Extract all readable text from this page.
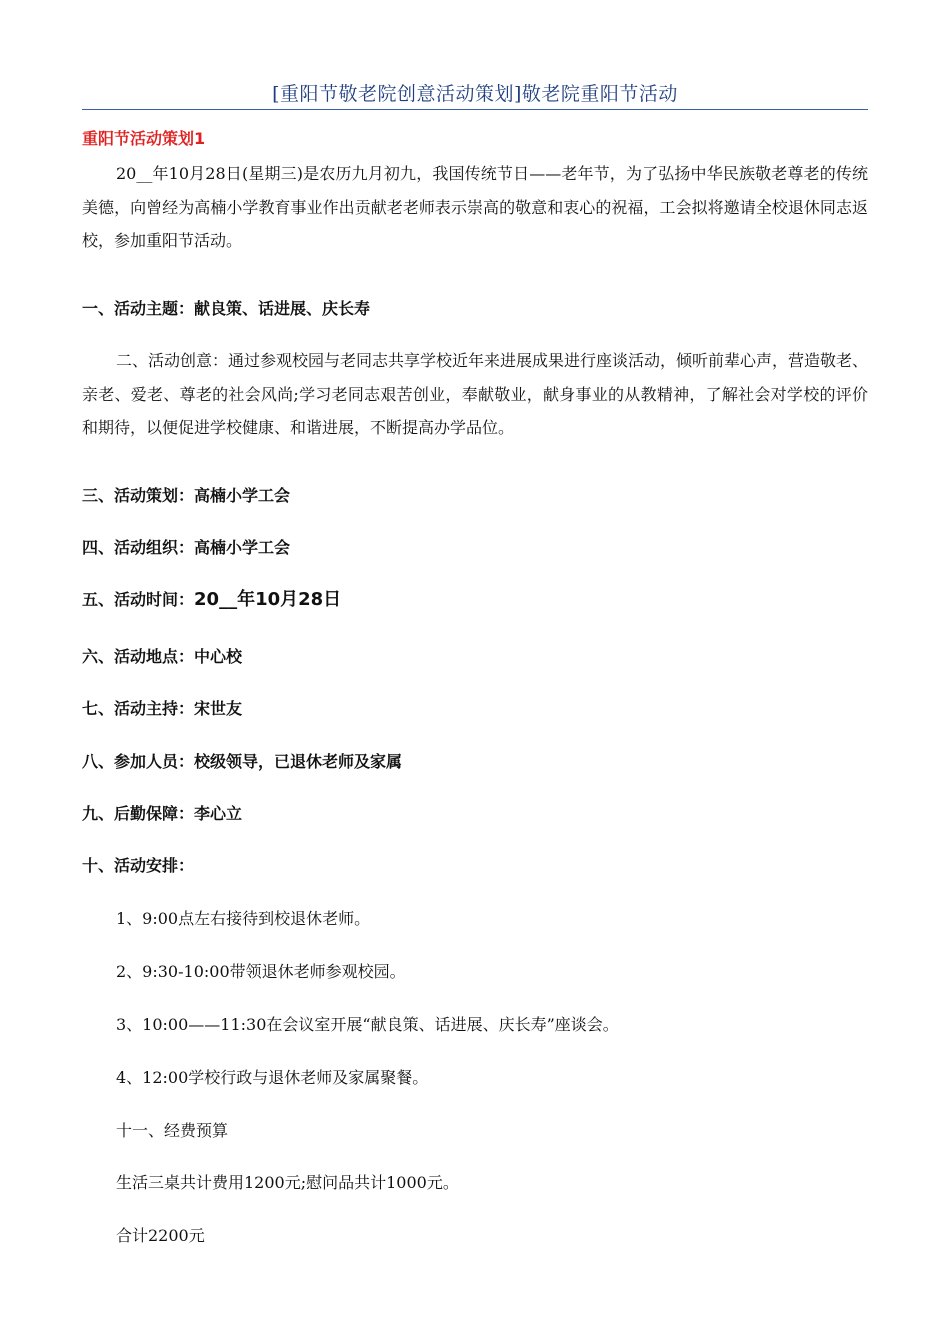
[重阳节敬老院创意活动策划]敬老院重阳节活动
重阳节活动策划1
20__年10月28日(星期三)是农历九月初九，我国传统节日——老年节，为了弘扬中华民族敬老尊老的传统美德，向曾经为高楠小学教育事业作出贡献老老师表示崇高的敬意和衷心的祝福，工会拟将邀请全校退休同志返校，参加重阳节活动。
一、活动主题：献良策、话进展、庆长寿
二、活动创意：通过参观校园与老同志共享学校近年来进展成果进行座谈活动，倾听前辈心声，营造敬老、亲老、爱老、尊老的社会风尚;学习老同志艰苦创业，奉献敬业，献身事业的从教精神，了解社会对学校的评价和期待，以便促进学校健康、和谐进展，不断提高办学品位。
三、活动策划：高楠小学工会
四、活动组织：高楠小学工会
五、活动时间：20__年10月28日
六、活动地点：中心校
七、活动主持：宋世友
八、参加人员：校级领导，已退休老师及家属
九、后勤保障：李心立
十、活动安排：
1、9:00点左右接待到校退休老师。
2、9:30-10:00带领退休老师参观校园。
3、10:00——11:30在会议室开展“献良策、话进展、庆长寿”座谈会。
4、12:00学校行政与退休老师及家属聚餐。
十一、经费预算
生活三桌共计费用1200元;慰问品共计1000元。
合计2200元
